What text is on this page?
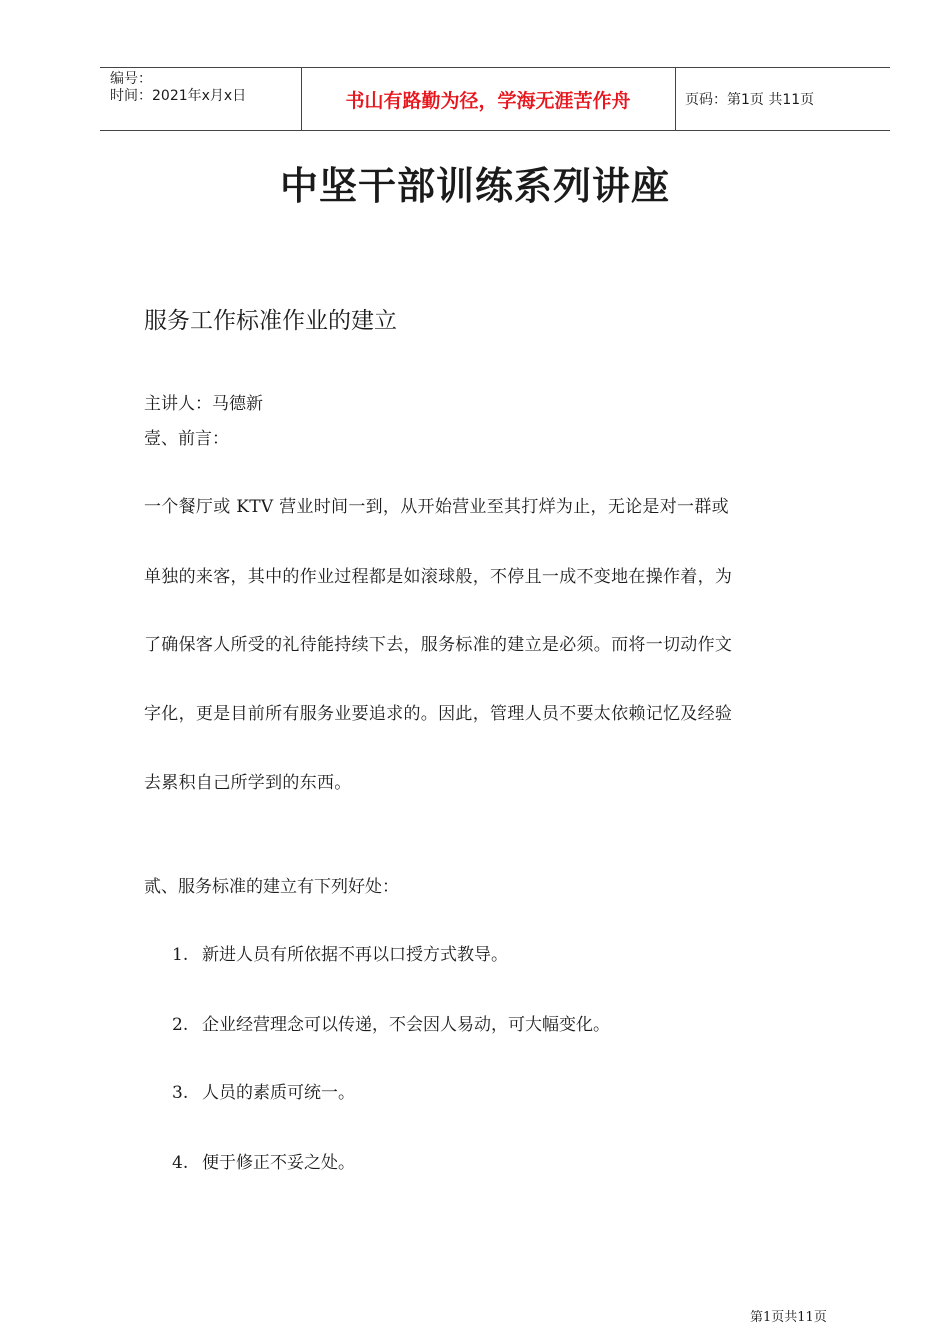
编号：
时间：2021年x月x日	书山有路勤为径，学海无涯苦作舟	页码：第1页 共11页
中坚干部训练系列讲座
服务工作标准作业的建立
主讲人：马德新
壹、前言：
一个餐厅或 KTV 营业时间一到，从开始营业至其打烊为止，无论是对一群或
单独的来客，其中的作业过程都是如滚球般，不停且一成不变地在操作着，为
了确保客人所受的礼待能持续下去，服务标准的建立是必须。而将一切动作文
字化，更是目前所有服务业要追求的。因此，管理人员不要太依赖记忆及经验
去累积自己所学到的东西。
贰、服务标准的建立有下列好处：
1. 新进人员有所依据不再以口授方式教导。
2. 企业经营理念可以传递，不会因人易动，可大幅变化。
3. 人员的素质可统一。
4. 便于修正不妥之处。
第1页共11页
